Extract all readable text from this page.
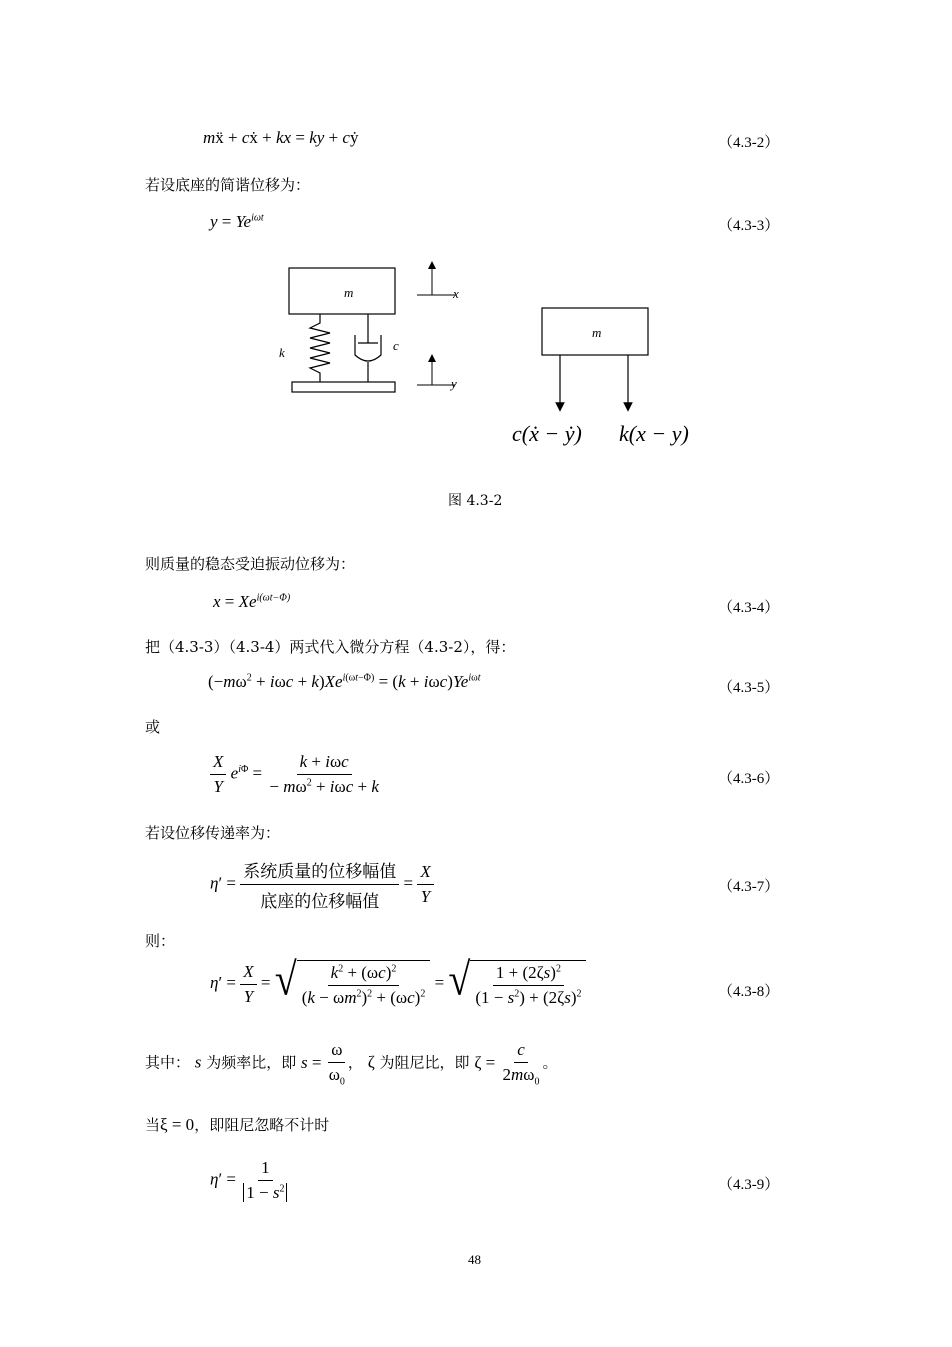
mẍ + cẋ + kx = ky + cẏ	（4.3-2）
若设底座的简谐位移为：
$y = Ye^{i\omega t}$
（4.3-3）
m
k	c
x
y
m
c(ẋ − ẏ) k(x − y)
图 4.3-2
则质量的稳态受迫振动位移为：
$x = Xe^{i(\omega t-\Phi)}$
（4.3-4）
把（4.3-3）（4.3-4）两式代入微分方程（4.3-2），得：
$(-m\omega^2 + i\omega c + k)Xe^{i(\omega t-\Phi)} = (k + i\omega c)Ye^{i\omega t}$
（4.3-5）
或
$\frac{X}{Y} e^{i\Phi} = \frac{\text{k + iωc}}{- m\omega^2 + i\omega c + k}$	（4.3-6）
若设位移传递率为：
$\eta' = \frac{\text{系统质量的位移幅值}}{\text{底座的位移幅值}} = \frac{X}{Y}$	（4.3-7）
则：
$\eta' = \frac{X}{Y}$ = √ $\frac{k^2 + (\omega c)^2}{(k - \omega m^2)^2 + (\omega c)^2}$ = √ $\frac{1 + (2\zeta s)^2}{(1 - s^2) + (2\zeta s)^2}$	（4.3-8）
其中： s 为频率比，即 $s = \frac{\omega}{\omega_0}$ ， ζ 为阻尼比，即 $\zeta = \frac{c}{2m\omega_0}$ 。
当ξ = 0，即阻尼忽略不计时
$\eta' = \frac{1}{1 - s^2}$	（4.3-9）
48
